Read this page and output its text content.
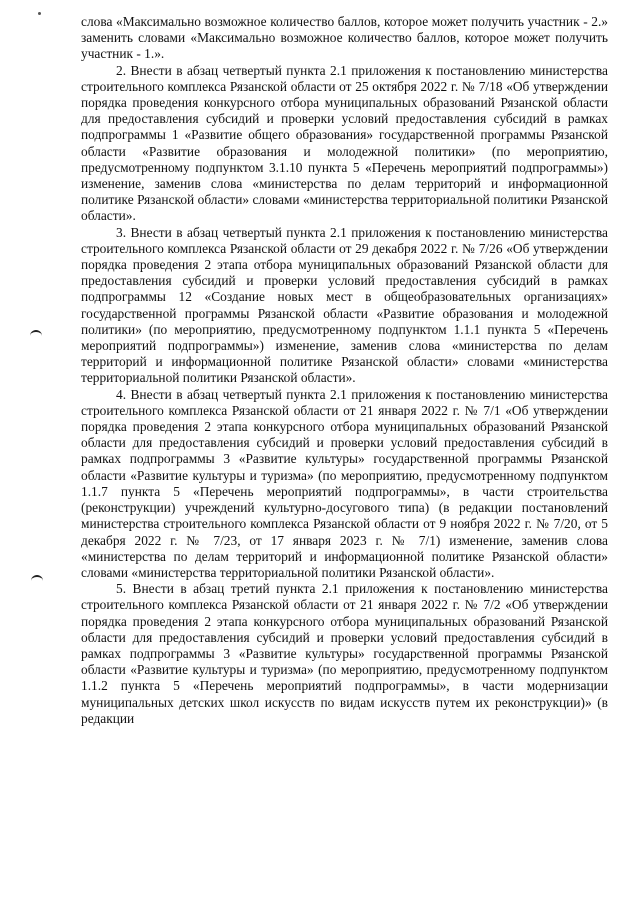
слова «Максимально возможное количество баллов, которое может получить участник - 2.» заменить словами «Максимально возможное количество баллов, которое может получить участник - 1.».

2. Внести в абзац четвертый пункта 2.1 приложения к постановлению министерства строительного комплекса Рязанской области от 25 октября 2022 г. № 7/18 «Об утверждении порядка проведения конкурсного отбора муниципальных образований Рязанской области для предоставления субсидий и проверки условий предоставления субсидий в рамках подпрограммы 1 «Развитие общего образования» государственной программы Рязанской области «Развитие образования и молодежной политики» (по мероприятию, предусмотренному подпунктом 3.1.10 пункта 5 «Перечень мероприятий подпрограммы») изменение, заменив слова «министерства по делам территорий и информационной политике Рязанской области» словами «министерства территориальной политики Рязанской области».

3. Внести в абзац четвертый пункта 2.1 приложения к постановлению министерства строительного комплекса Рязанской области от 29 декабря 2022 г. № 7/26 «Об утверждении порядка проведения 2 этапа отбора муниципальных образований Рязанской области для предоставления субсидий и проверки условий предоставления субсидий в рамках подпрограммы 12 «Создание новых мест в общеобразовательных организациях» государственной программы Рязанской области «Развитие образования и молодежной политики» (по мероприятию, предусмотренному подпунктом 1.1.1 пункта 5 «Перечень мероприятий подпрограммы») изменение, заменив слова «министерства по делам территорий и информационной политике Рязанской области» словами «министерства территориальной политики Рязанской области».

4. Внести в абзац четвертый пункта 2.1 приложения к постановлению министерства строительного комплекса Рязанской области от 21 января 2022 г. № 7/1 «Об утверждении порядка проведения 2 этапа конкурсного отбора муниципальных образований Рязанской области для предоставления субсидий и проверки условий предоставления субсидий в рамках подпрограммы 3 «Развитие культуры» государственной программы Рязанской области «Развитие культуры и туризма» (по мероприятию, предусмотренному подпунктом 1.1.7 пункта 5 «Перечень мероприятий подпрограммы», в части строительства (реконструкции) учреждений культурно-досугового типа) (в редакции постановлений министерства строительного комплекса Рязанской области от 9 ноября 2022 г. № 7/20, от 5 декабря 2022 г. № 7/23, от 17 января 2023 г. № 7/1) изменение, заменив слова «министерства по делам территорий и информационной политике Рязанской области» словами «министерства территориальной политики Рязанской области».

5. Внести в абзац третий пункта 2.1 приложения к постановлению министерства строительного комплекса Рязанской области от 21 января 2022 г. № 7/2 «Об утверждении порядка проведения 2 этапа конкурсного отбора муниципальных образований Рязанской области для предоставления субсидий и проверки условий предоставления субсидий в рамках подпрограммы 3 «Развитие культуры» государственной программы Рязанской области «Развитие культуры и туризма» (по мероприятию, предусмотренному подпунктом 1.1.2 пункта 5 «Перечень мероприятий подпрограммы», в части модернизации муниципальных детских школ искусств по видам искусств путем их реконструкции)» (в редакции
